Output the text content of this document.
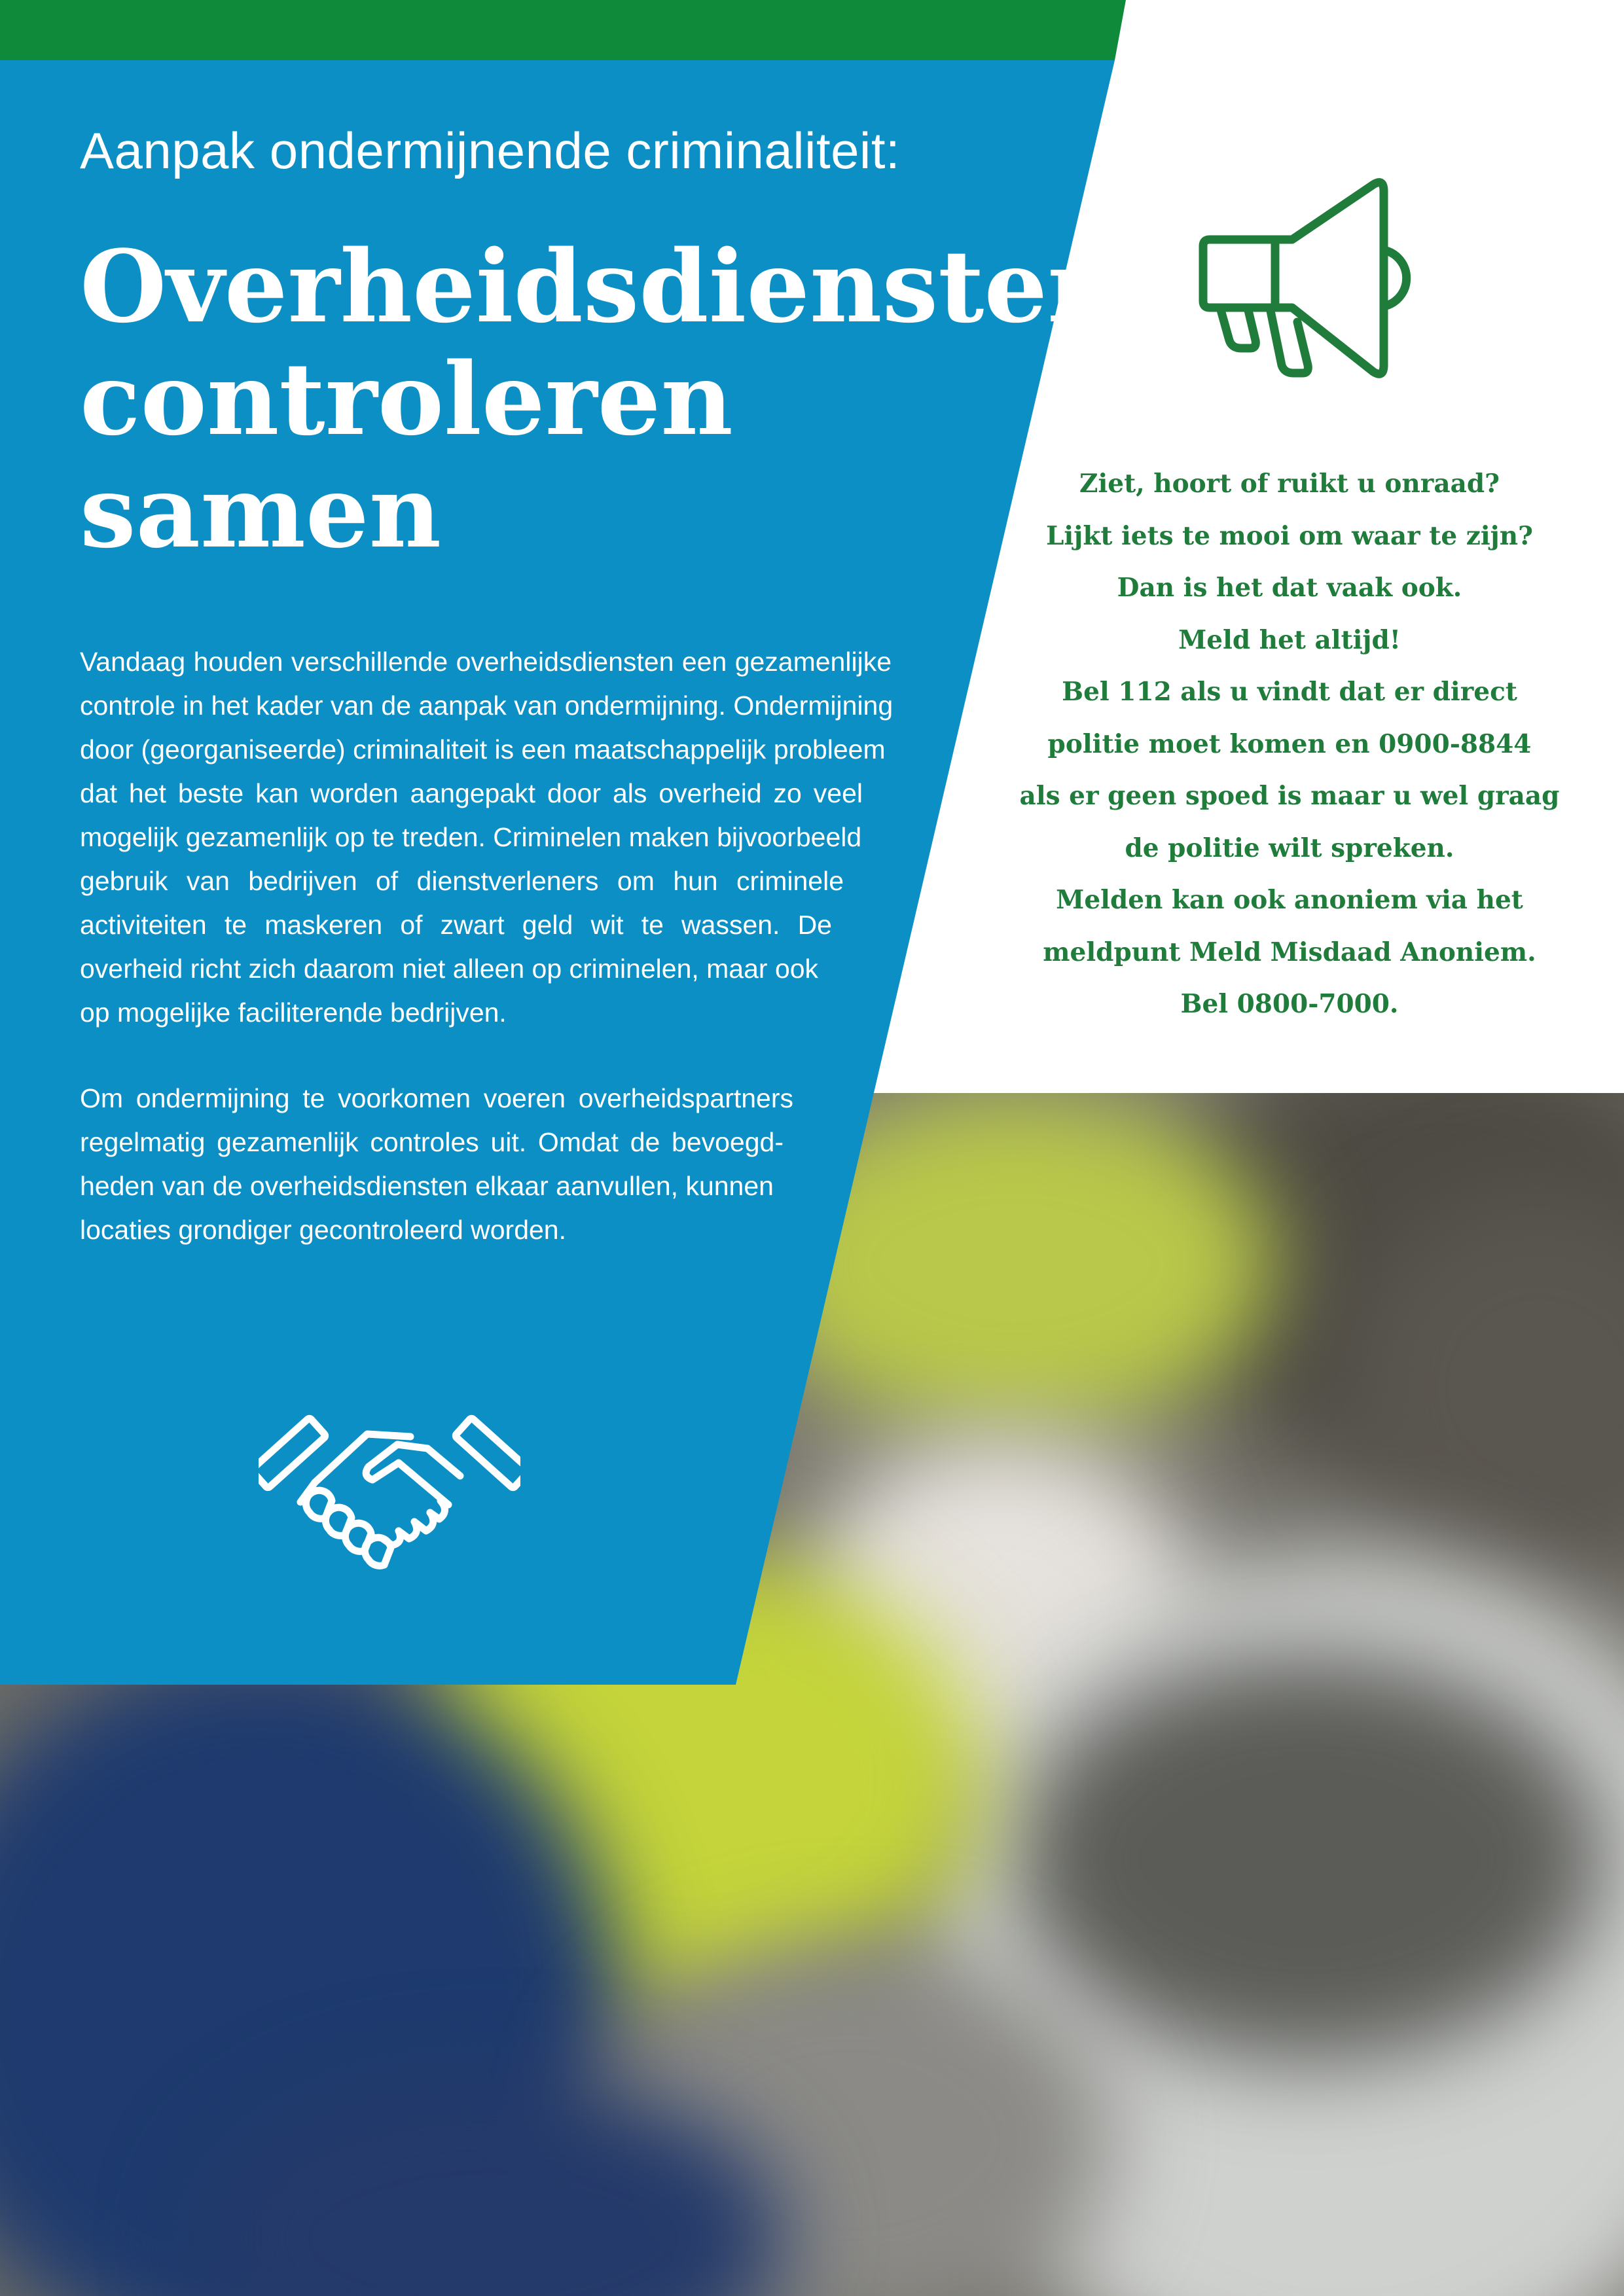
Aanpak ondermijnende criminaliteit:
Overheidsdiensten
controleren
samen

Vandaag houden verschillende overheidsdiensten een gezamenlijke
controle in het kader van de aanpak van ondermijning. Ondermijning
door (georganiseerde) criminaliteit is een maatschappelijk probleem
dat het beste kan worden aangepakt door als overheid zo veel
mogelijk gezamenlijk op te treden. Criminelen maken bijvoorbeeld
gebruik van bedrijven of dienstverleners om hun criminele
activiteiten te maskeren of zwart geld wit te wassen. De
overheid richt zich daarom niet alleen op criminelen, maar ook
op mogelijke faciliterende bedrijven.

Om ondermijning te voorkomen voeren overheidspartners
regelmatig gezamenlijk controles uit. Omdat de bevoegd-
heden van de overheidsdiensten elkaar aanvullen, kunnen
locaties grondiger gecontroleerd worden.

Ziet, hoort of ruikt u onraad?
Lijkt iets te mooi om waar te zijn?
Dan is het dat vaak ook.
Meld het altijd!
Bel 112 als u vindt dat er direct
politie moet komen en 0900-8844
als er geen spoed is maar u wel graag
de politie wilt spreken.
Melden kan ook anoniem via het
meldpunt Meld Misdaad Anoniem.
Bel 0800-7000.
